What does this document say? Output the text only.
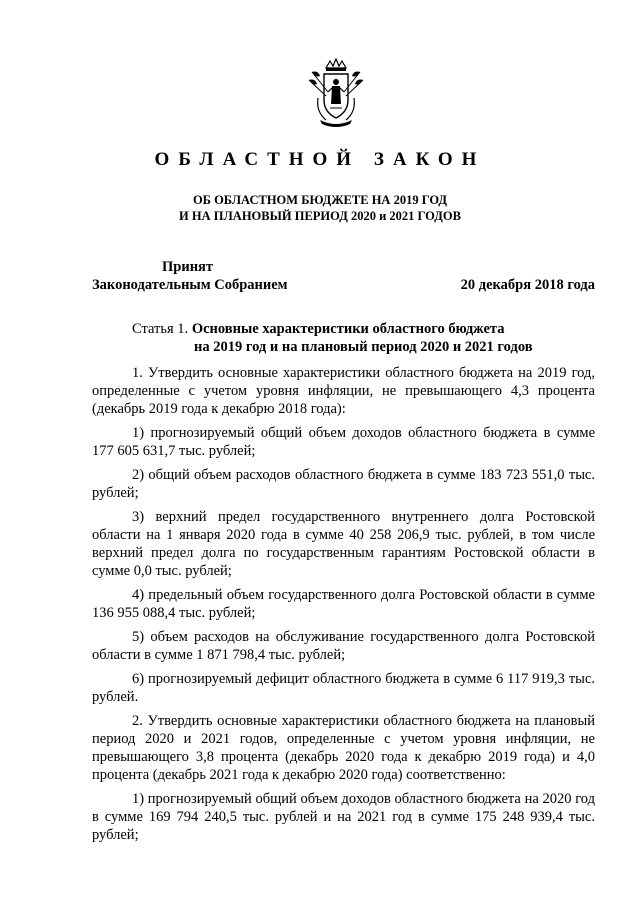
ОБЛАСТНОЙ ЗАКОН
ОБ ОБЛАСТНОМ БЮДЖЕТЕ НА 2019 ГОД
И НА ПЛАНОВЫЙ ПЕРИОД 2020 и 2021 ГОДОВ
Принят
Законодательным Собранием	20 декабря 2018 года
Статья 1. Основные характеристики областного бюджета
на 2019 год и на плановый период 2020 и 2021 годов

1. Утвердить основные характеристики областного бюджета на 2019 год, определенные с учетом уровня инфляции, не превышающего 4,3 процента (декабрь 2019 года к декабрю 2018 года):

1) прогнозируемый общий объем доходов областного бюджета в сумме 177 605 631,7 тыс. рублей;

2) общий объем расходов областного бюджета в сумме 183 723 551,0 тыс. рублей;

3) верхний предел государственного внутреннего долга Ростовской области на 1 января 2020 года в сумме 40 258 206,9 тыс. рублей, в том числе верхний предел долга по государственным гарантиям Ростовской области в сумме 0,0 тыс. рублей;

4) предельный объем государственного долга Ростовской области в сумме 136 955 088,4 тыс. рублей;

5) объем расходов на обслуживание государственного долга Ростовской области в сумме 1 871 798,4 тыс. рублей;

6) прогнозируемый дефицит областного бюджета в сумме 6 117 919,3 тыс. рублей.

2. Утвердить основные характеристики областного бюджета на плановый период 2020 и 2021 годов, определенные с учетом уровня инфляции, не превышающего 3,8 процента (декабрь 2020 года к декабрю 2019 года) и 4,0 процента (декабрь 2021 года к декабрю 2020 года) соответственно:

1) прогнозируемый общий объем доходов областного бюджета на 2020 год в сумме 169 794 240,5 тыс. рублей и на 2021 год в сумме 175 248 939,4 тыс. рублей;
